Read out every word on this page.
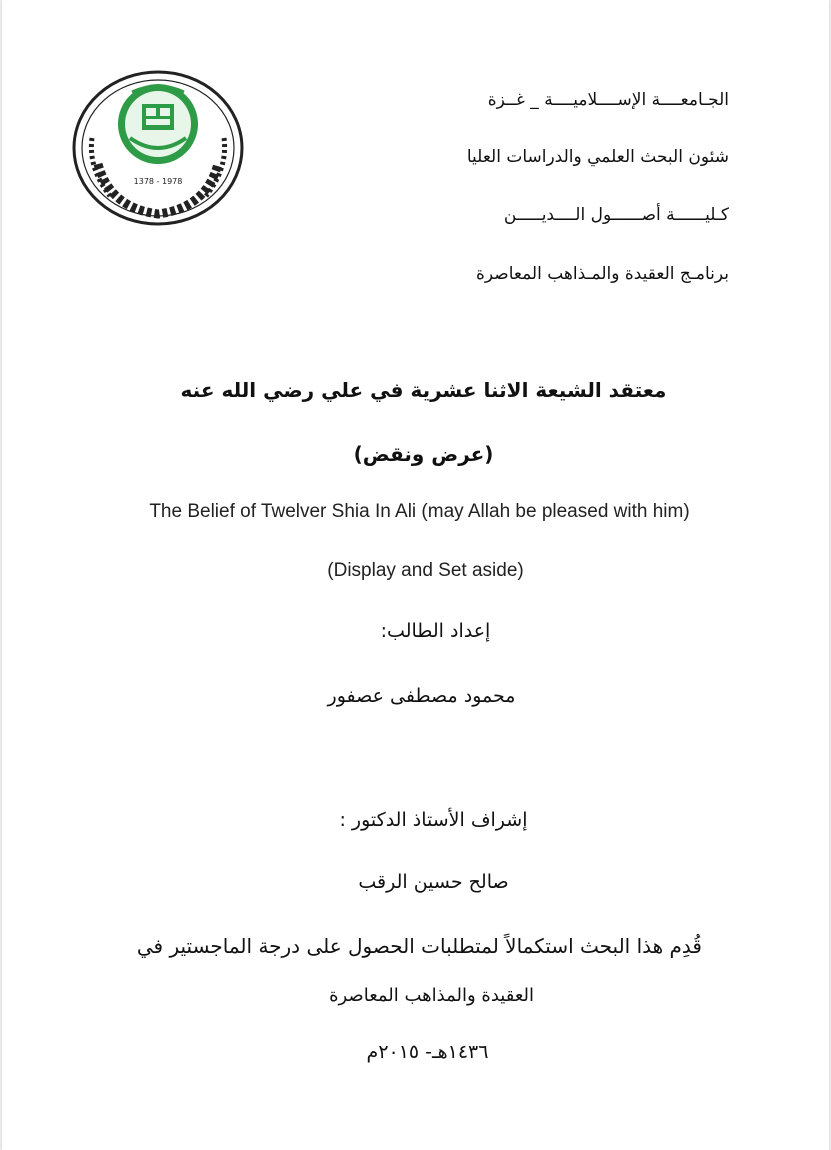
1378 - 1978
الجـامعــــة الإســــلاميــــة _ غــزة
شئون البحث العلمي والدراسات العليا
كـليــــــة أصــــــول الــــديـــــن
برنامـج العقيدة والمـذاهب المعاصرة
معتقد الشيعة الاثنا عشرية في علي رضي الله عنه
(عرض ونقض)
The Belief of Twelver Shia In Ali (may Allah be pleased with him)
(Display and Set aside)
إعداد الطالب:
محمود مصطفى عصفور
إشراف الأستاذ الدكتور :
صالح حسين الرقب
قُدِم هذا البحث استكمالاً لمتطلبات الحصول على درجة الماجستير في
العقيدة والمذاهب المعاصرة
١٤٣٦هـ- ٢٠١٥م
